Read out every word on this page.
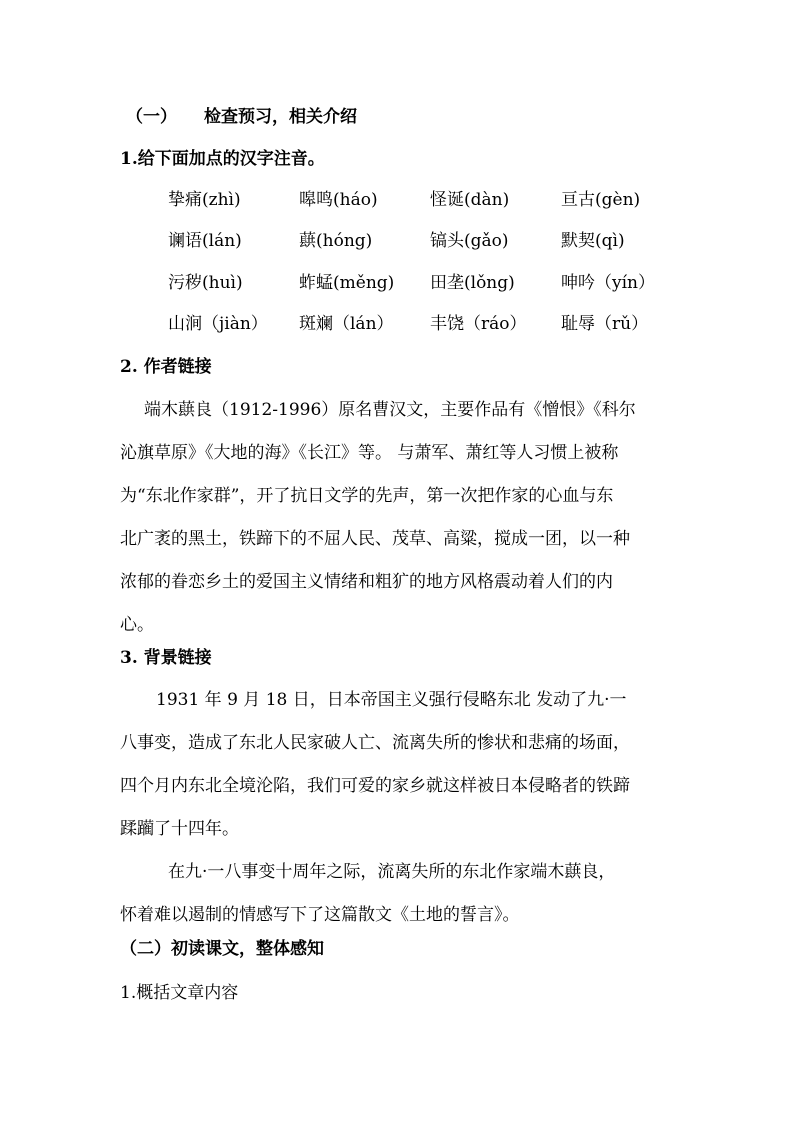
（一） 检查预习，相关介绍
1.给下面加点的汉字注音。
挚痛(zhì)	嗥鸣(háo)	怪诞(dàn)	亘古(gèn)
谰语(lán)	蕻(hóng)	镐头(gǎo)	默契(qì)
污秽(huì)	蚱蜢(měng) 田垄(lǒng)	呻吟（yín）
山涧（jiàn） 斑斓（lán） 丰饶（ráo） 耻辱（rǔ）
2. 作者链接
端木蕻良（1912-1996）原名曹汉文，主要作品有《憎恨》《科尔
沁旗草原》《大地的海》《长江》等。 与萧军、萧红等人习惯上被称
为“东北作家群”，开了抗日文学的先声，第一次把作家的心血与东
北广袤的黑土，铁蹄下的不屈人民、茂草、高粱，搅成一团，以一种
浓郁的眷恋乡土的爱国主义情绪和粗犷的地方风格震动着人们的内
心。
3. 背景链接
1931 年 9 月 18 日，日本帝国主义强行侵略东北 发动了九·一
八事变，造成了东北人民家破人亡、流离失所的惨状和悲痛的场面，
四个月内东北全境沦陷，我们可爱的家乡就这样被日本侵略者的铁蹄
蹂躏了十四年。
在九·一八事变十周年之际，流离失所的东北作家端木蕻良，
怀着难以遏制的情感写下了这篇散文《土地的誓言》。
（二）初读课文，整体感知
1.概括文章内容
